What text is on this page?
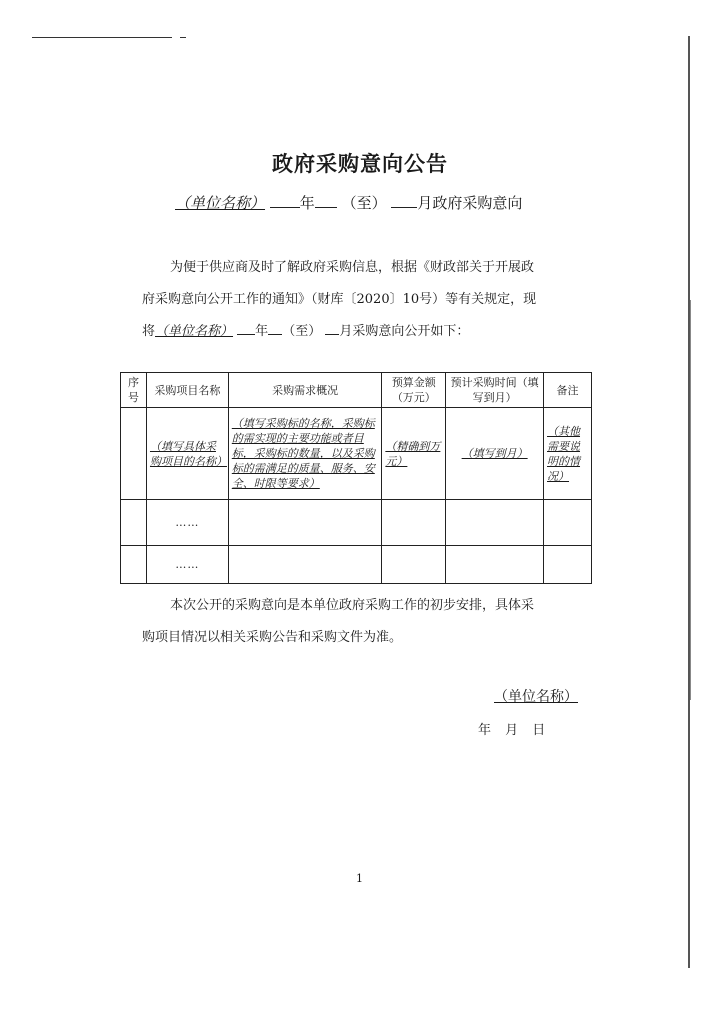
政府采购意向公告
（单位名称） 年 （至） 月政府采购意向

为便于供应商及时了解政府采购信息，根据《财政部关于开展政

府采购意向公开工作的通知》（财库〔2020〕10号）等有关规定，现

将（单位名称） 年 （至） 月采购意向公开如下：

序号	采购项目名称	采购需求概况	预算金额（万元）	预计采购时间（填写到月）	备注
	（填写具体采购项目的名称）	（填写采购标的名称，采购标的需实现的主要功能或者目标，采购标的数量，以及采购标的需满足的质量、服务、安全、时限等要求）	（精确到万元）	（填写到月）	（其他需要说明的情况）
	……				
	……				

本次公开的采购意向是本单位政府采购工作的初步安排，具体采

购项目情况以相关采购公告和采购文件为准。

（单位名称）
年 月 日
1
